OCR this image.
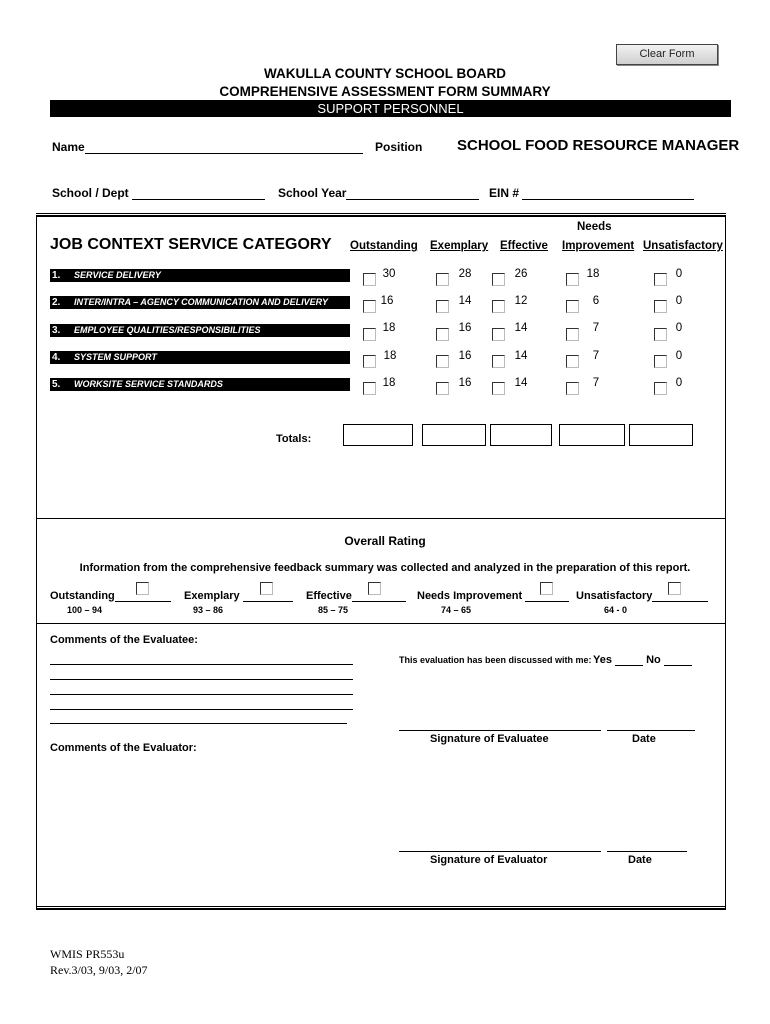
Clear Form
WAKULLA COUNTY SCHOOL BOARD
COMPREHENSIVE ASSESSMENT FORM SUMMARY
SUPPORT PERSONNEL
Name	Position SCHOOL FOOD RESOURCE MANAGER
School / Dept	School Year	EIN #
JOB CONTEXT SERVICE CATEGORY Outstanding Exemplary Effective
Needs
Improvement Unsatisfactory
1. SERVICE DELIVERY	30	28	26	18	0
2. INTER/INTRA – AGENCY COMMUNICATION AND DELIVERY	16	14	12	6	0
3. EMPLOYEE QUALITIES/RESPONSIBILITIES	18	16	14	7	0
4. SYSTEM SUPPORT	18	16	14	7	0
5. WORKSITE SERVICE STANDARDS	18	16	14	7	0
Totals:
Overall Rating
Information from the comprehensive feedback summary was collected and analyzed in the preparation of this report.
Outstanding
100 – 94
Exemplary
93 – 86
Effective
85 – 75
Needs Improvement
74 – 65
Unsatisfactory
64 - 0
Comments of the Evaluatee:
This evaluation has been discussed with me: Yes	No
Signature of Evaluatee	Date
Comments of the Evaluator:
Signature of Evaluator	Date
WMIS PR553u
Rev.3/03, 9/03, 2/07
